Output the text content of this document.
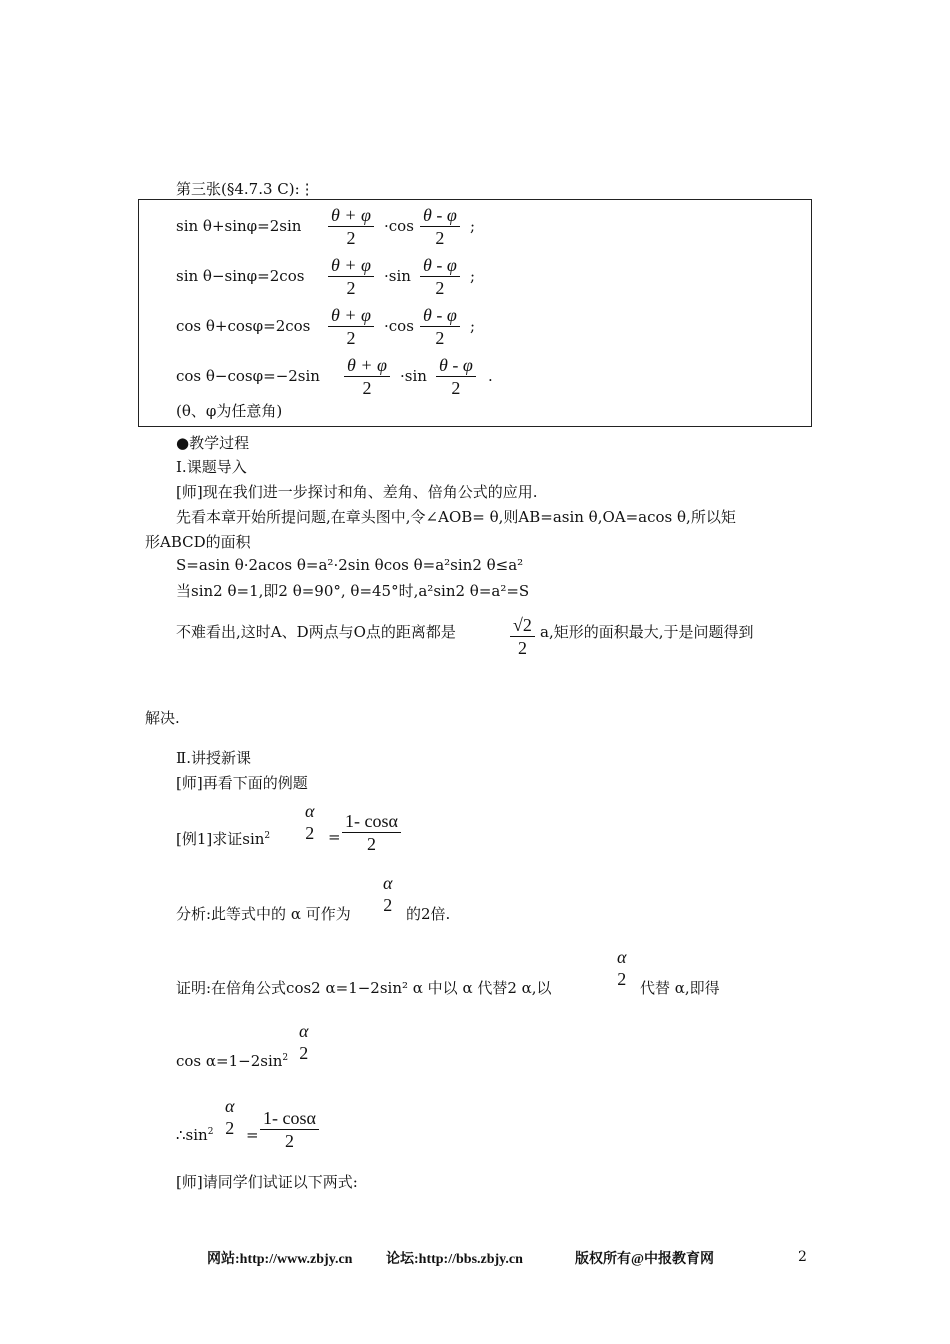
第三张(§4.7.3 C):⋮
$\sin \theta+\sin\varphi=2\sin \frac{\theta + \varphi}{2} \cdot\cos \frac{\theta - \varphi}{2}$ ;
$\sin \theta-\sin\varphi=2\cos \frac{\theta + \varphi}{2} \cdot\sin \frac{\theta - \varphi}{2}$ ;
$\cos \theta+\cos\varphi=2\cos \frac{\theta + \varphi}{2} \cdot\cos \frac{\theta - \varphi}{2}$ ;
$\cos \theta-\cos\varphi=-2\sin \frac{\theta + \varphi}{2} \cdot\sin \frac{\theta - \varphi}{2}$ .
(θ、φ为任意角)
●教学过程
Ⅰ.课题导入
[师]现在我们进一步探讨和角、差角、倍角公式的应用.
先看本章开始所提问题,在章头图中,令∠AOB= θ,则AB=asin θ,OA=acos θ,所以矩
形ABCD的面积
S=asin θ·2acos θ=a²·2sin θcos θ=a²sin2 θ≤a²
当sin2 θ=1,即2 θ=90°, θ=45°时,a²sin2 θ=a²=S
不难看出,这时A、D两点与O点的距离都是	$\frac{√2}{2} a$,矩形的面积最大,于是问题得到
解决.
Ⅱ.讲授新课
[师]再看下面的例题
[例1]求证$\sin^2$
α
$2 = \frac{1- \cos\alpha}{2}$
分析:此等式中的 α 可作为
α
2 的2倍.
证明:在倍角公式cos2 α=1−2sin² α 中以 α 代替2 α,以
α
2 代替 α,即得
$\cos \alpha=1-2\sin^2$
α
2
$\therefore\sin^2$
α
$2 = \frac{1- \cos\alpha}{2}$
[师]请同学们试证以下两式:
网站:http://www.zbjy.cn 论坛:http://bbs.zbjy.cn	版权所有@中报教育网	2
